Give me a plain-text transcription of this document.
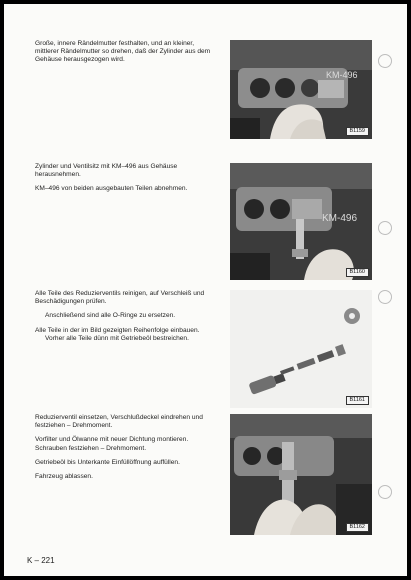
Große, innere Rändelmutter festhalten, und an kleiner, mittlerer Rändelmutter so drehen, daß der Zylinder aus dem Gehäuse herausgezogen wird.

KM-496
B1159

Zylinder und Ventilsitz mit KM–496 aus Gehäuse herausnehmen.

KM–496 von beiden ausgebauten Teilen abnehmen.

KM-496
B1160

Alle Teile des Reduzierventils reinigen, auf Verschleiß und Beschädigungen prüfen.

Anschließend sind alle O-Ringe zu ersetzen.

Alle Teile in der im Bild gezeigten Reihenfolge einbauen.

Vorher alle Teile dünn mit Getriebeöl bestreichen.

B1161

Reduzierventil einsetzen, Verschlußdeckel eindrehen und festziehen – Drehmoment.

Vorfilter und Ölwanne mit neuer Dichtung montieren. Schrauben festziehen – Drehmoment.

Getriebeöl bis Unterkante Einfüllöffnung auffüllen.

Fahrzeug ablassen.

B1162
K – 221
